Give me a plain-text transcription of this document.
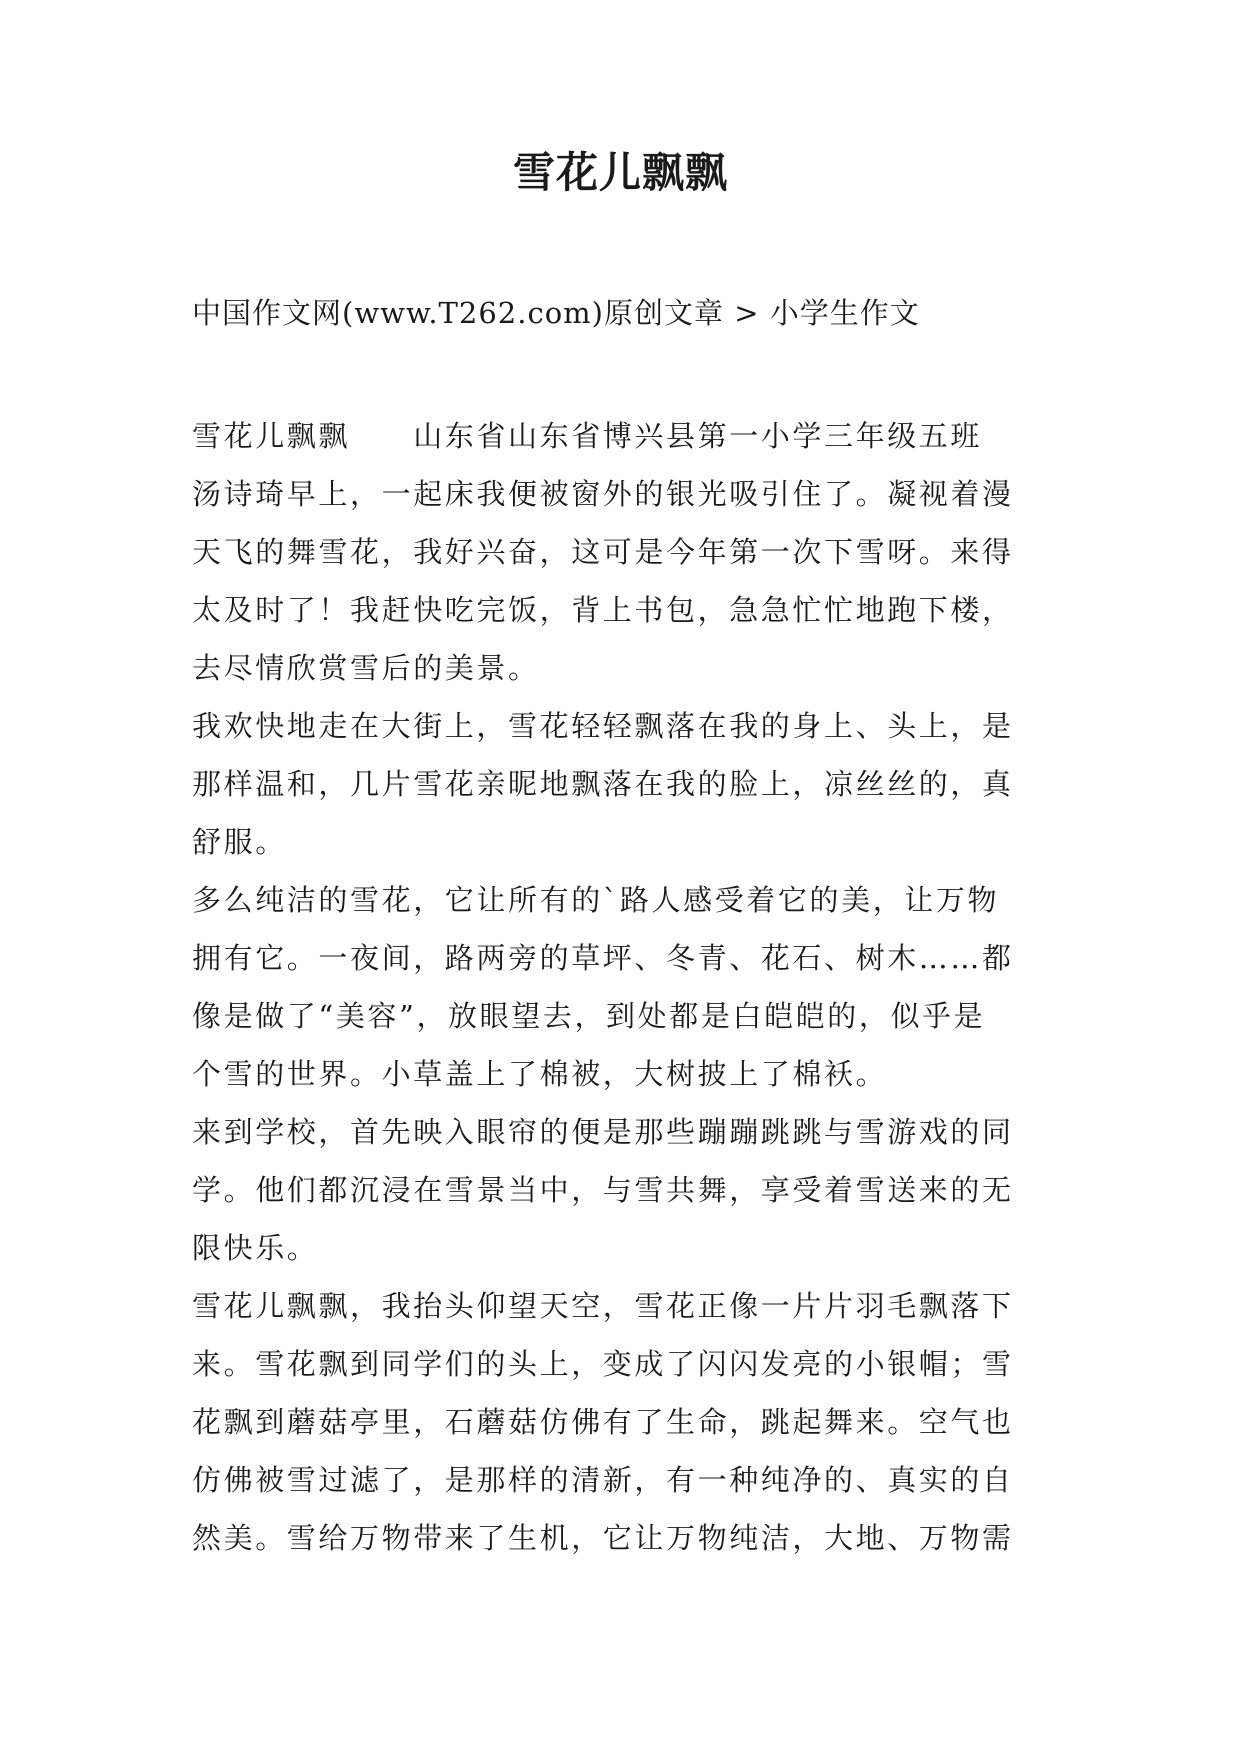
雪花儿飘飘

中国作文网(www.T262.com)原创文章 > 小学生作文

雪花儿飘飘　　山东省山东省博兴县第一小学三年级五班
汤诗琦早上，一起床我便被窗外的银光吸引住了。凝视着漫
天飞的舞雪花，我好兴奋，这可是今年第一次下雪呀。来得
太及时了！我赶快吃完饭，背上书包，急急忙忙地跑下楼，
去尽情欣赏雪后的美景。
我欢快地走在大街上，雪花轻轻飘落在我的身上、头上，是
那样温和，几片雪花亲昵地飘落在我的脸上，凉丝丝的，真
舒服。
多么纯洁的雪花，它让所有的`路人感受着它的美，让万物
拥有它。一夜间，路两旁的草坪、冬青、花石、树木……都
像是做了“美容”，放眼望去，到处都是白皑皑的，似乎是
个雪的世界。小草盖上了棉被，大树披上了棉袄。
来到学校，首先映入眼帘的便是那些蹦蹦跳跳与雪游戏的同
学。他们都沉浸在雪景当中，与雪共舞，享受着雪送来的无
限快乐。
雪花儿飘飘，我抬头仰望天空，雪花正像一片片羽毛飘落下
来。雪花飘到同学们的头上，变成了闪闪发亮的小银帽；雪
花飘到蘑菇亭里，石蘑菇仿佛有了生命，跳起舞来。空气也
仿佛被雪过滤了，是那样的清新，有一种纯净的、真实的自
然美。雪给万物带来了生机，它让万物纯洁，大地、万物需
